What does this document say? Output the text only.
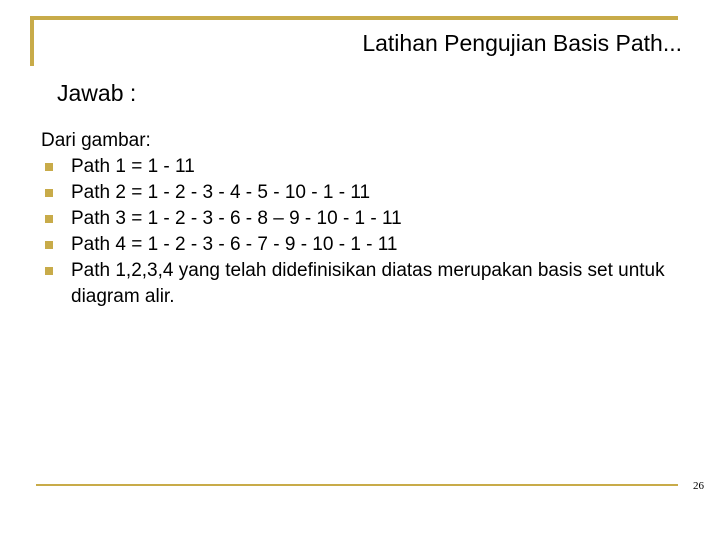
Latihan Pengujian Basis Path...
Jawab :
Dari gambar:
Path 1 = 1 - 11
Path 2 = 1 - 2 - 3 - 4 - 5 - 10 - 1 - 11
Path 3 = 1 - 2 - 3 - 6 - 8 – 9 - 10 - 1 - 11
Path 4 = 1 - 2 - 3 - 6 - 7 - 9 - 10 - 1 - 11
Path 1,2,3,4 yang telah didefinisikan diatas merupakan basis set untuk diagram alir.
26
